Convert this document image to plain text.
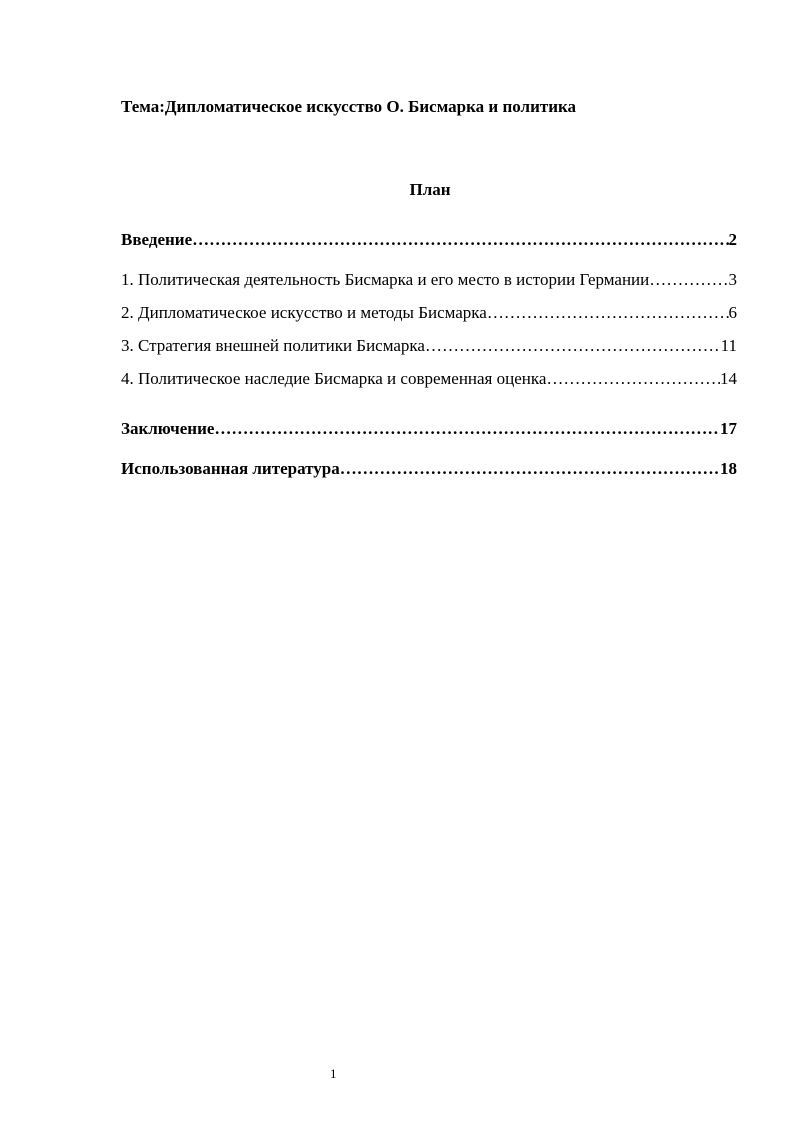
Тема:Дипломатическое искусство О. Бисмарка и политика
План
Введение …………………………………………………………………………………………………………………………………………………………………………………	2
1. Политическая деятельность Бисмарка и его место в истории Германии …………………………………………………………………………………………………………………………………………………………………………………	3
2. Дипломатическое искусство и методы Бисмарка …………………………………………………………………………………………………………………………………………………………………………………	6
3. Стратегия внешней политики Бисмарка …………………………………………………………………………………………………………………………………………………………………………………	11
4. Политическое наследие Бисмарка и современная оценка …………………………………………………………………………………………………………………………………………………………………………………	14
Заключение …………………………………………………………………………………………………………………………………………………………………………………	17
Использованная литература …………………………………………………………………………………………………………………………………………………………………………………	18
1
